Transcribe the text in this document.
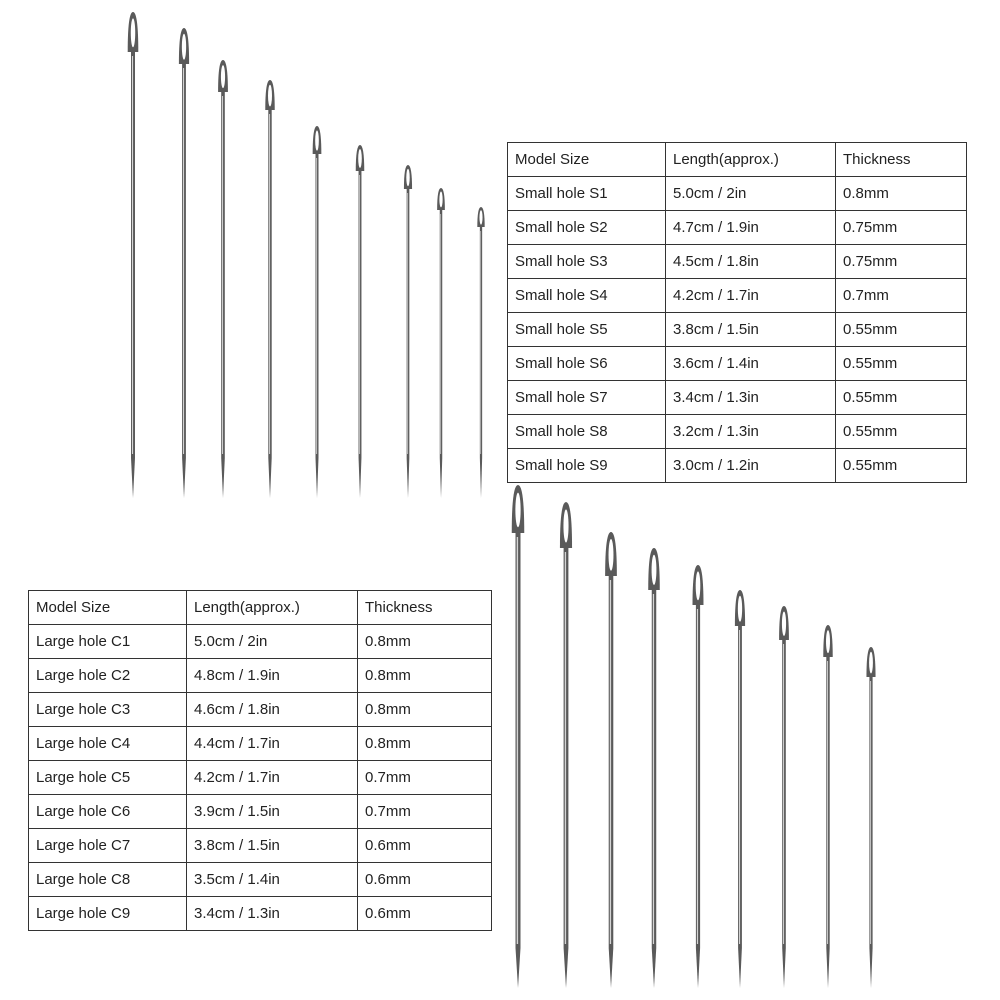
Model Size	Length(approx.)	Thickness
Small hole S1	5.0cm / 2in	0.8mm
Small hole S2	4.7cm / 1.9in	0.75mm
Small hole S3	4.5cm / 1.8in	0.75mm
Small hole S4	4.2cm / 1.7in	0.7mm
Small hole S5	3.8cm / 1.5in	0.55mm
Small hole S6	3.6cm / 1.4in	0.55mm
Small hole S7	3.4cm / 1.3in	0.55mm
Small hole S8	3.2cm / 1.3in	0.55mm
Small hole S9	3.0cm / 1.2in	0.55mm
Model Size	Length(approx.)	Thickness
Large hole C1	5.0cm / 2in	0.8mm
Large hole C2	4.8cm / 1.9in	0.8mm
Large hole C3	4.6cm / 1.8in	0.8mm
Large hole C4	4.4cm / 1.7in	0.8mm
Large hole C5	4.2cm / 1.7in	0.7mm
Large hole C6	3.9cm / 1.5in	0.7mm
Large hole C7	3.8cm / 1.5in	0.6mm
Large hole C8	3.5cm / 1.4in	0.6mm
Large hole C9	3.4cm / 1.3in	0.6mm
